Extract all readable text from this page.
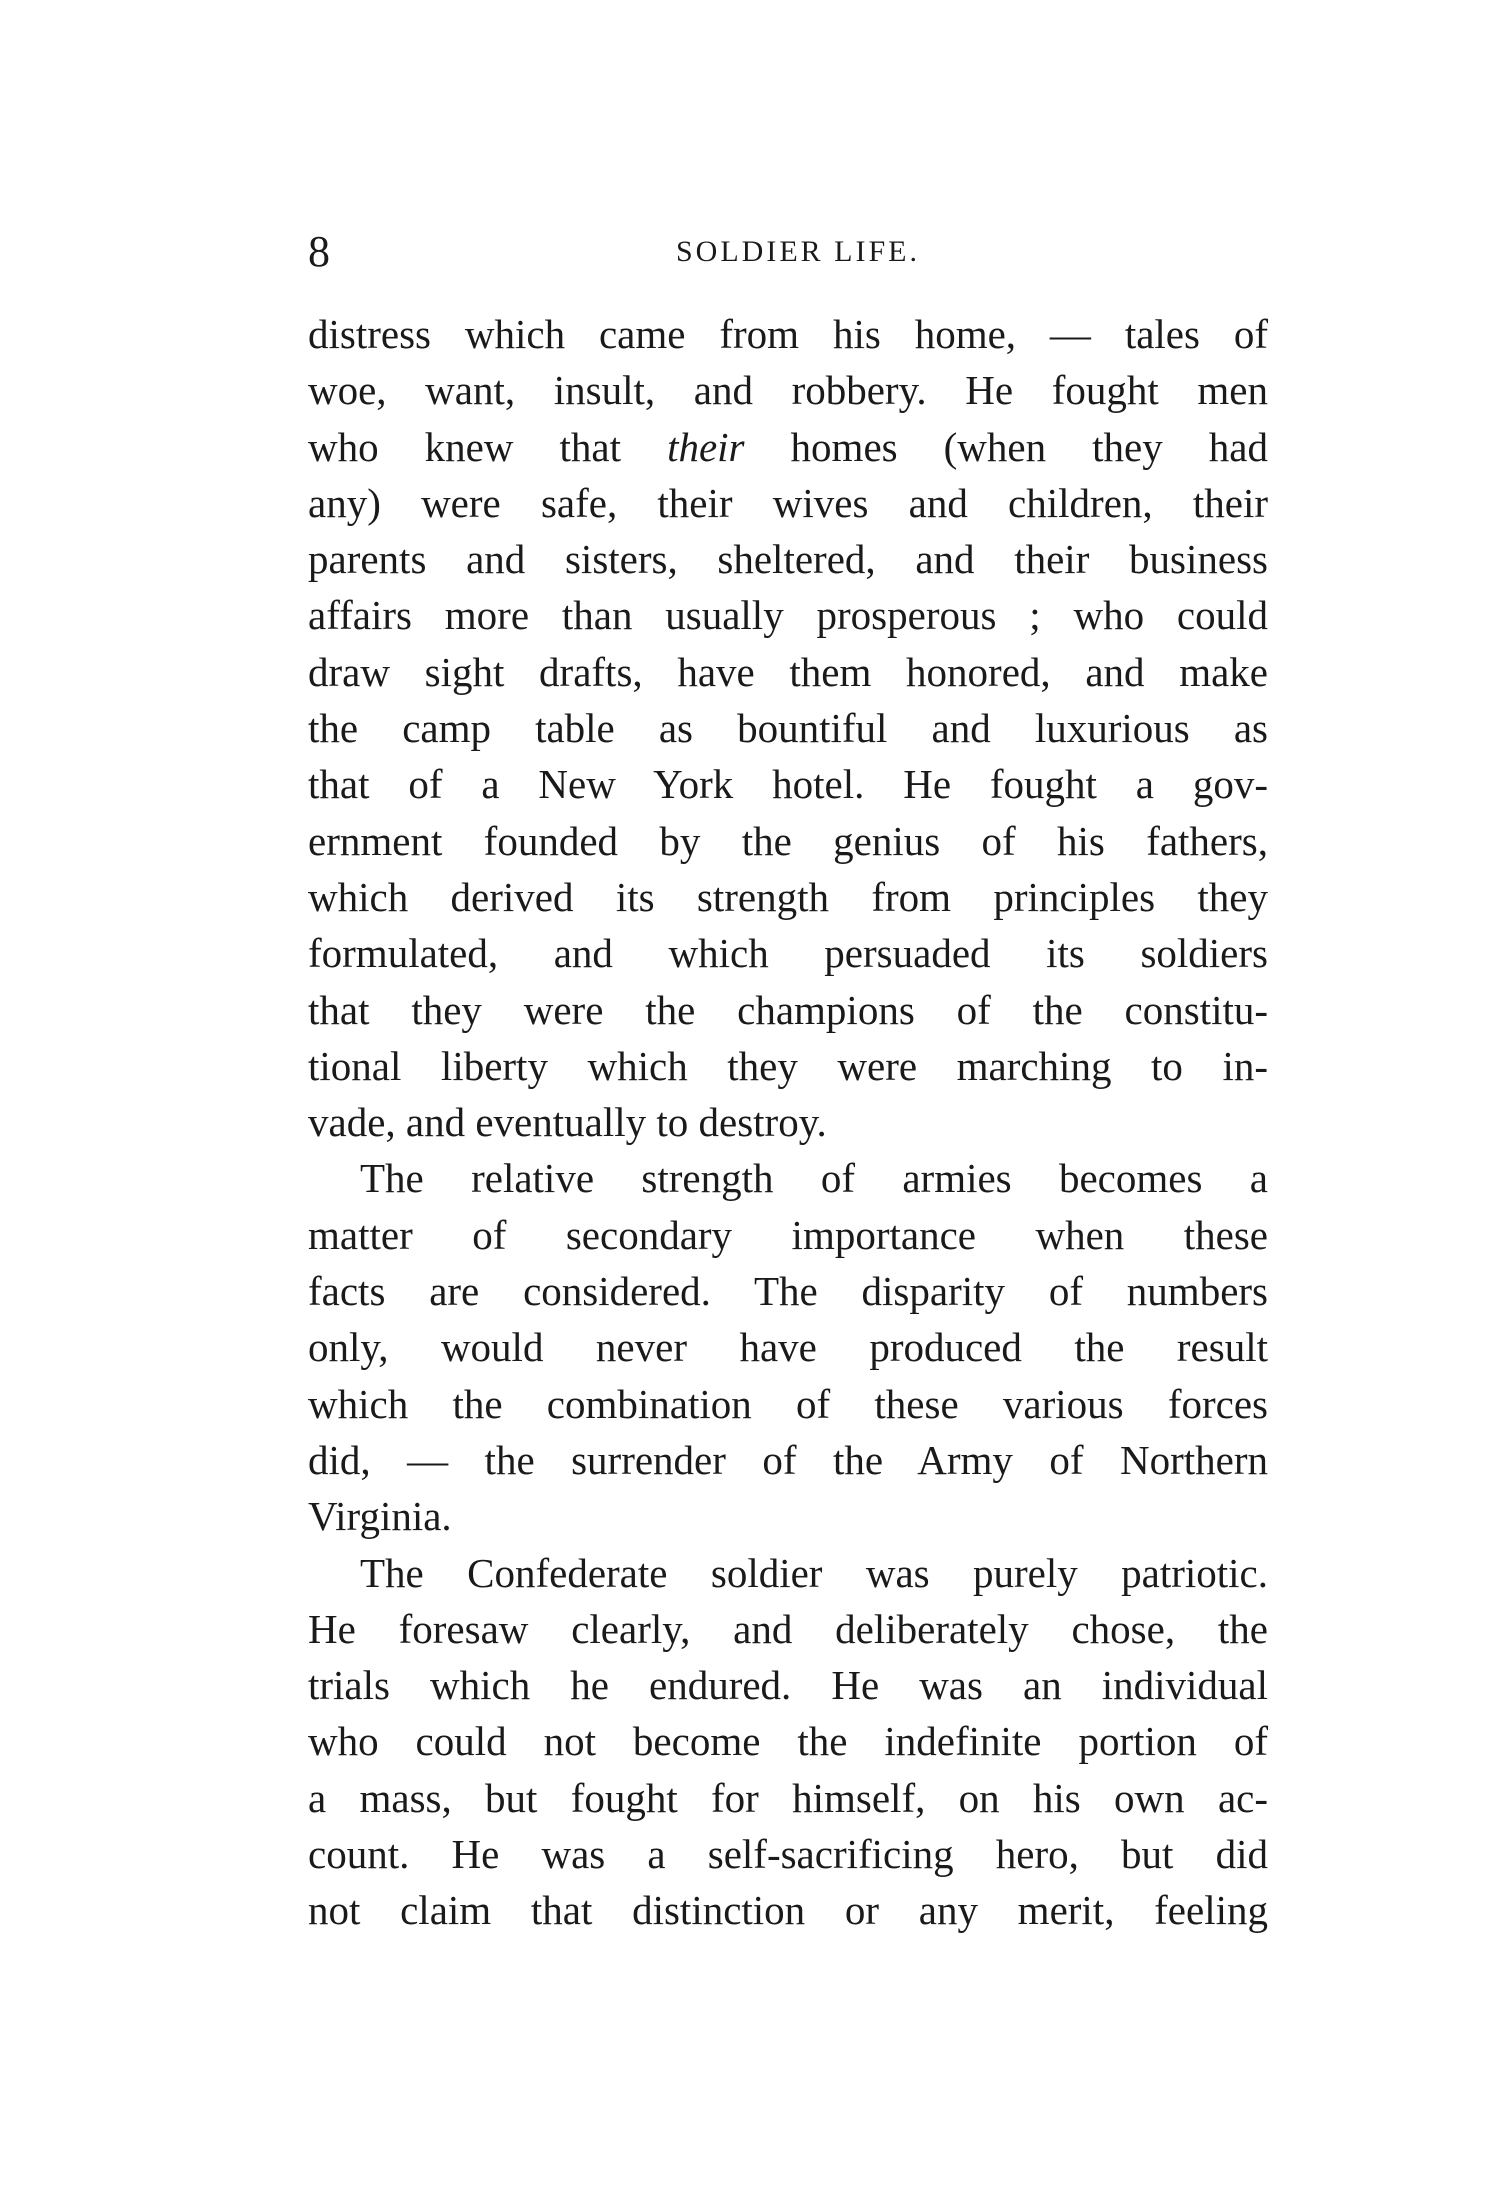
8	SOLDIER LIFE.
distress which came from his home, — tales of
woe, want, insult, and robbery. He fought men
who knew that their homes (when they had
any) were safe, their wives and children, their
parents and sisters, sheltered, and their business
affairs more than usually prosperous ; who could
draw sight drafts, have them honored, and make
the camp table as bountiful and luxurious as
that of a New York hotel. He fought a gov-
ernment founded by the genius of his fathers,
which derived its strength from principles they
formulated, and which persuaded its soldiers
that they were the champions of the constitu-
tional liberty which they were marching to in-
vade, and eventually to destroy.
The relative strength of armies becomes a
matter of secondary importance when these
facts are considered. The disparity of numbers
only, would never have produced the result
which the combination of these various forces
did, — the surrender of the Army of Northern
Virginia.
The Confederate soldier was purely patriotic.
He foresaw clearly, and deliberately chose, the
trials which he endured. He was an individual
who could not become the indefinite portion of
a mass, but fought for himself, on his own ac-
count. He was a self-sacrificing hero, but did
not claim that distinction or any merit, feeling
